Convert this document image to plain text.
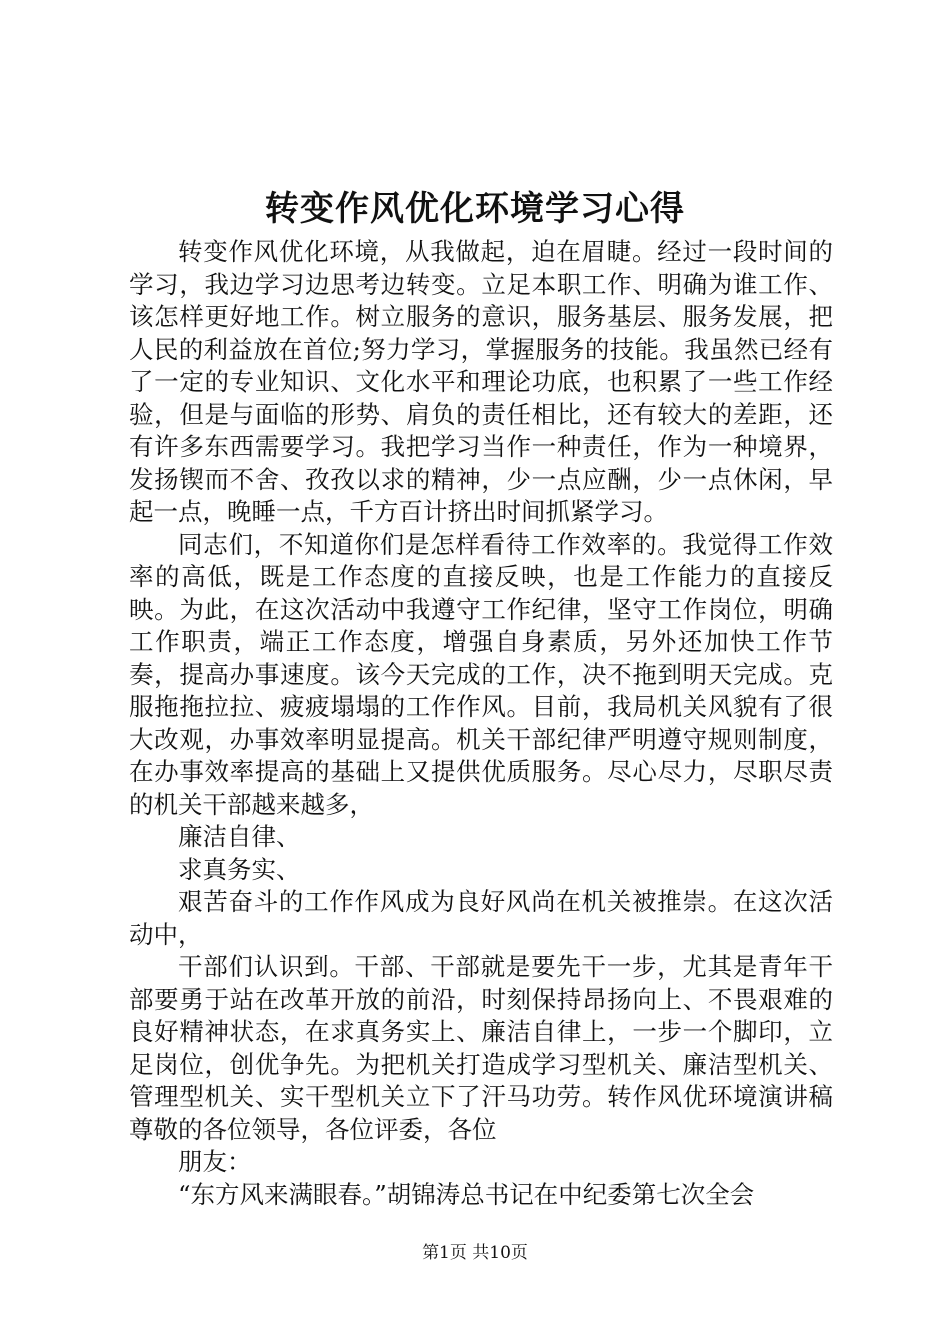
转变作风优化环境学习心得

转变作风优化环境，从我做起，迫在眉睫。经过一段时间的学习，我边学习边思考边转变。立足本职工作、明确为谁工作、该怎样更好地工作。树立服务的意识，服务基层、服务发展，把人民的利益放在首位;努力学习，掌握服务的技能。我虽然已经有了一定的专业知识、文化水平和理论功底，也积累了一些工作经验，但是与面临的形势、肩负的责任相比，还有较大的差距，还有许多东西需要学习。我把学习当作一种责任，作为一种境界，发扬锲而不舍、孜孜以求的精神，少一点应酬，少一点休闲，早起一点，晚睡一点，千方百计挤出时间抓紧学习。

同志们，不知道你们是怎样看待工作效率的。我觉得工作效率的高低，既是工作态度的直接反映，也是工作能力的直接反映。为此，在这次活动中我遵守工作纪律，坚守工作岗位，明确工作职责，端正工作态度，增强自身素质，另外还加快工作节奏，提高办事速度。该今天完成的工作，决不拖到明天完成。克服拖拖拉拉、疲疲塌塌的工作作风。目前，我局机关风貌有了很大改观，办事效率明显提高。机关干部纪律严明遵守规则制度，在办事效率提高的基础上又提供优质服务。尽心尽力，尽职尽责的机关干部越来越多，

廉洁自律、

求真务实、

艰苦奋斗的工作作风成为良好风尚在机关被推崇。在这次活动中，

干部们认识到。干部、干部就是要先干一步，尤其是青年干部要勇于站在改革开放的前沿，时刻保持昂扬向上、不畏艰难的良好精神状态，在求真务实上、廉洁自律上，一步一个脚印，立足岗位，创优争先。为把机关打造成学习型机关、廉洁型机关、管理型机关、实干型机关立下了汗马功劳。转作风优环境演讲稿尊敬的各位领导，各位评委，各位

朋友：

“东方风来满眼春。”胡锦涛总书记在中纪委第七次全会

第1页 共10页
